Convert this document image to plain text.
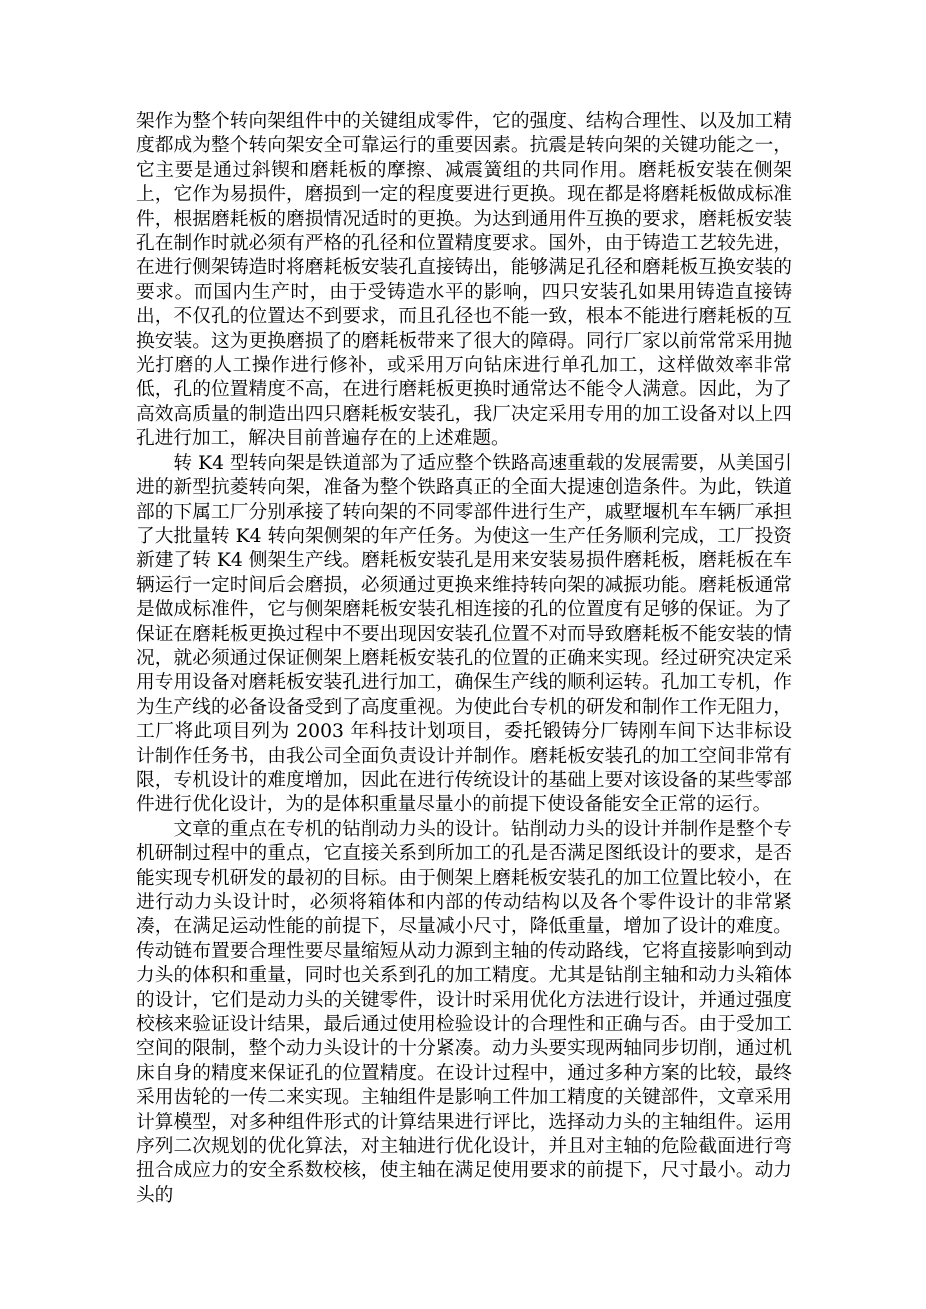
架作为整个转向架组件中的关键组成零件，它的强度、结构合理性、以及加工精度都成为整个转向架安全可靠运行的重要因素。抗震是转向架的关键功能之一，它主要是通过斜锲和磨耗板的摩擦、减震簧组的共同作用。磨耗板安装在侧架上，它作为易损件，磨损到一定的程度要进行更换。现在都是将磨耗板做成标准件，根据磨耗板的磨损情况适时的更换。为达到通用件互换的要求，磨耗板安装孔在制作时就必须有严格的孔径和位置精度要求。国外，由于铸造工艺较先进，在进行侧架铸造时将磨耗板安装孔直接铸出，能够满足孔径和磨耗板互换安装的要求。而国内生产时，由于受铸造水平的影响，四只安装孔如果用铸造直接铸出，不仅孔的位置达不到要求，而且孔径也不能一致，根本不能进行磨耗板的互换安装。这为更换磨损了的磨耗板带来了很大的障碍。同行厂家以前常常采用抛光打磨的人工操作进行修补，或采用万向钻床进行单孔加工，这样做效率非常低，孔的位置精度不高，在进行磨耗板更换时通常达不能令人满意。因此，为了高效高质量的制造出四只磨耗板安装孔，我厂决定采用专用的加工设备对以上四孔进行加工，解决目前普遍存在的上述难题。

转 K4 型转向架是铁道部为了适应整个铁路高速重载的发展需要，从美国引进的新型抗菱转向架，准备为整个铁路真正的全面大提速创造条件。为此，铁道部的下属工厂分别承接了转向架的不同零部件进行生产，戚墅堰机车车辆厂承担了大批量转 K4 转向架侧架的年产任务。为使这一生产任务顺利完成，工厂投资新建了转 K4 侧架生产线。磨耗板安装孔是用来安装易损件磨耗板，磨耗板在车辆运行一定时间后会磨损，必须通过更换来维持转向架的减振功能。磨耗板通常是做成标准件，它与侧架磨耗板安装孔相连接的孔的位置度有足够的保证。为了保证在磨耗板更换过程中不要出现因安装孔位置不对而导致磨耗板不能安装的情况，就必须通过保证侧架上磨耗板安装孔的位置的正确来实现。经过研究决定采用专用设备对磨耗板安装孔进行加工，确保生产线的顺利运转。孔加工专机，作为生产线的必备设备受到了高度重视。为使此台专机的研发和制作工作无阻力，工厂将此项目列为 2003 年科技计划项目，委托锻铸分厂铸刚车间下达非标设计制作任务书，由我公司全面负责设计并制作。磨耗板安装孔的加工空间非常有限，专机设计的难度增加，因此在进行传统设计的基础上要对该设备的某些零部件进行优化设计，为的是体积重量尽量小的前提下使设备能安全正常的运行。

文章的重点在专机的钻削动力头的设计。钻削动力头的设计并制作是整个专机研制过程中的重点，它直接关系到所加工的孔是否满足图纸设计的要求，是否能实现专机研发的最初的目标。由于侧架上磨耗板安装孔的加工位置比较小，在进行动力头设计时，必须将箱体和内部的传动结构以及各个零件设计的非常紧凑，在满足运动性能的前提下，尽量减小尺寸，降低重量，增加了设计的难度。传动链布置要合理性要尽量缩短从动力源到主轴的传动路线，它将直接影响到动力头的体积和重量，同时也关系到孔的加工精度。尤其是钻削主轴和动力头箱体的设计，它们是动力头的关键零件，设计时采用优化方法进行设计，并通过强度校核来验证设计结果，最后通过使用检验设计的合理性和正确与否。由于受加工空间的限制，整个动力头设计的十分紧凑。动力头要实现两轴同步切削，通过机床自身的精度来保证孔的位置精度。在设计过程中，通过多种方案的比较，最终采用齿轮的一传二来实现。主轴组件是影响工件加工精度的关键部件，文章采用计算模型，对多种组件形式的计算结果进行评比，选择动力头的主轴组件。运用序列二次规划的优化算法，对主轴进行优化设计，并且对主轴的危险截面进行弯扭合成应力的安全系数校核，使主轴在满足使用要求的前提下，尺寸最小。动力头的
